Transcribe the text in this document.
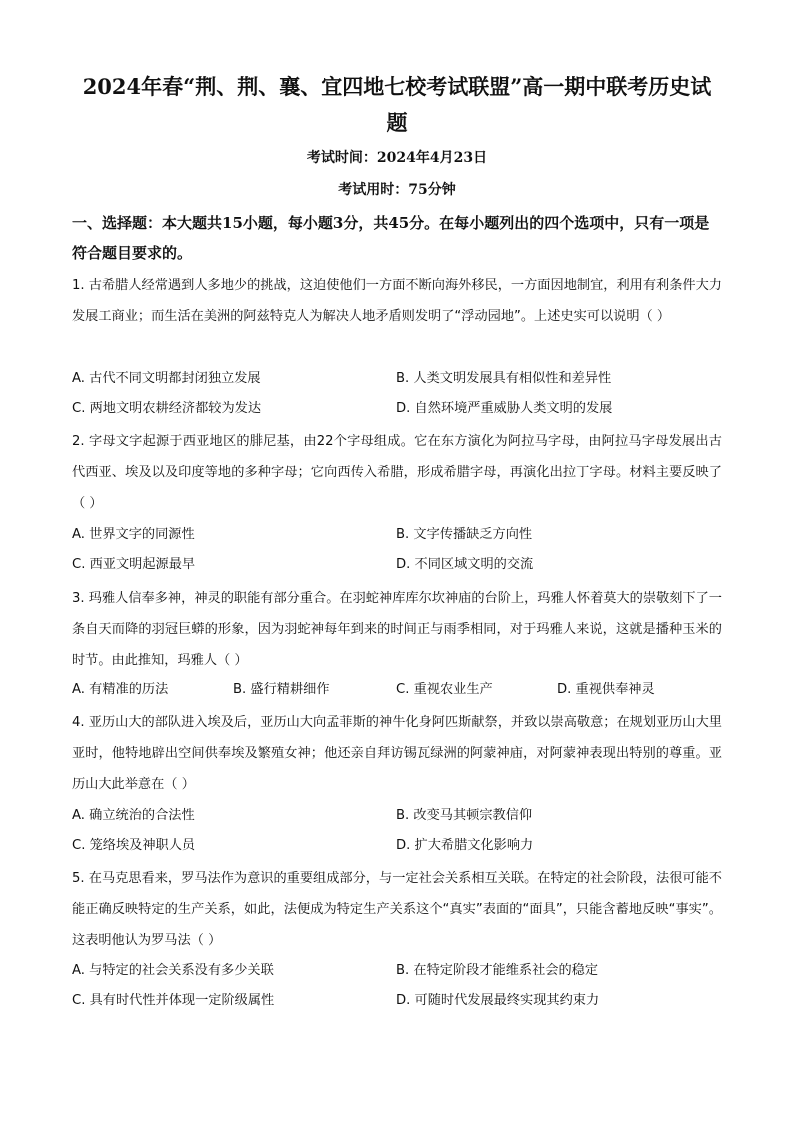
2024年春“荆、荆、襄、宜四地七校考试联盟”高一期中联考历史试
题
考试时间：2024年4月23日
考试用时：75分钟
一、选择题：本大题共15小题，每小题3分，共45分。在每小题列出的四个选项中，只有一项是符合题目要求的。
1. 古希腊人经常遇到人多地少的挑战，这迫使他们一方面不断向海外移民，一方面因地制宜，利用有利条件大力发展工商业；而生活在美洲的阿兹特克人为解决人地矛盾则发明了“浮动园地”。上述史实可以说明（ ）
A. 古代不同文明都封闭独立发展	B. 人类文明发展具有相似性和差异性
C. 两地文明农耕经济都较为发达	D. 自然环境严重威胁人类文明的发展
2. 字母文字起源于西亚地区的腓尼基，由22个字母组成。它在东方演化为阿拉马字母，由阿拉马字母发展出古代西亚、埃及以及印度等地的多种字母；它向西传入希腊，形成希腊字母，再演化出拉丁字母。材料主要反映了（ ）
A. 世界文字的同源性	B. 文字传播缺乏方向性
C. 西亚文明起源最早	D. 不同区域文明的交流
3. 玛雅人信奉多神，神灵的职能有部分重合。在羽蛇神库库尔坎神庙的台阶上，玛雅人怀着莫大的崇敬刻下了一条自天而降的羽冠巨蟒的形象，因为羽蛇神每年到来的时间正与雨季相同，对于玛雅人来说，这就是播种玉米的时节。由此推知，玛雅人（ ）
A. 有精准的历法	B. 盛行精耕细作	C. 重视农业生产	D. 重视供奉神灵
4. 亚历山大的部队进入埃及后，亚历山大向孟菲斯的神牛化身阿匹斯献祭，并致以崇高敬意；在规划亚历山大里亚时，他特地辟出空间供奉埃及繁殖女神；他还亲自拜访锡瓦绿洲的阿蒙神庙，对阿蒙神表现出特别的尊重。亚历山大此举意在（ ）
A. 确立统治的合法性	B. 改变马其顿宗教信仰
C. 笼络埃及神职人员	D. 扩大希腊文化影响力
5. 在马克思看来，罗马法作为意识的重要组成部分，与一定社会关系相互关联。在特定的社会阶段，法很可能不能正确反映特定的生产关系，如此，法便成为特定生产关系这个“真实”表面的“面具”，只能含蓄地反映“事实”。这表明他认为罗马法（ ）
A. 与特定的社会关系没有多少关联	B. 在特定阶段才能维系社会的稳定
C. 具有时代性并体现一定阶级属性	D. 可随时代发展最终实现其约束力
